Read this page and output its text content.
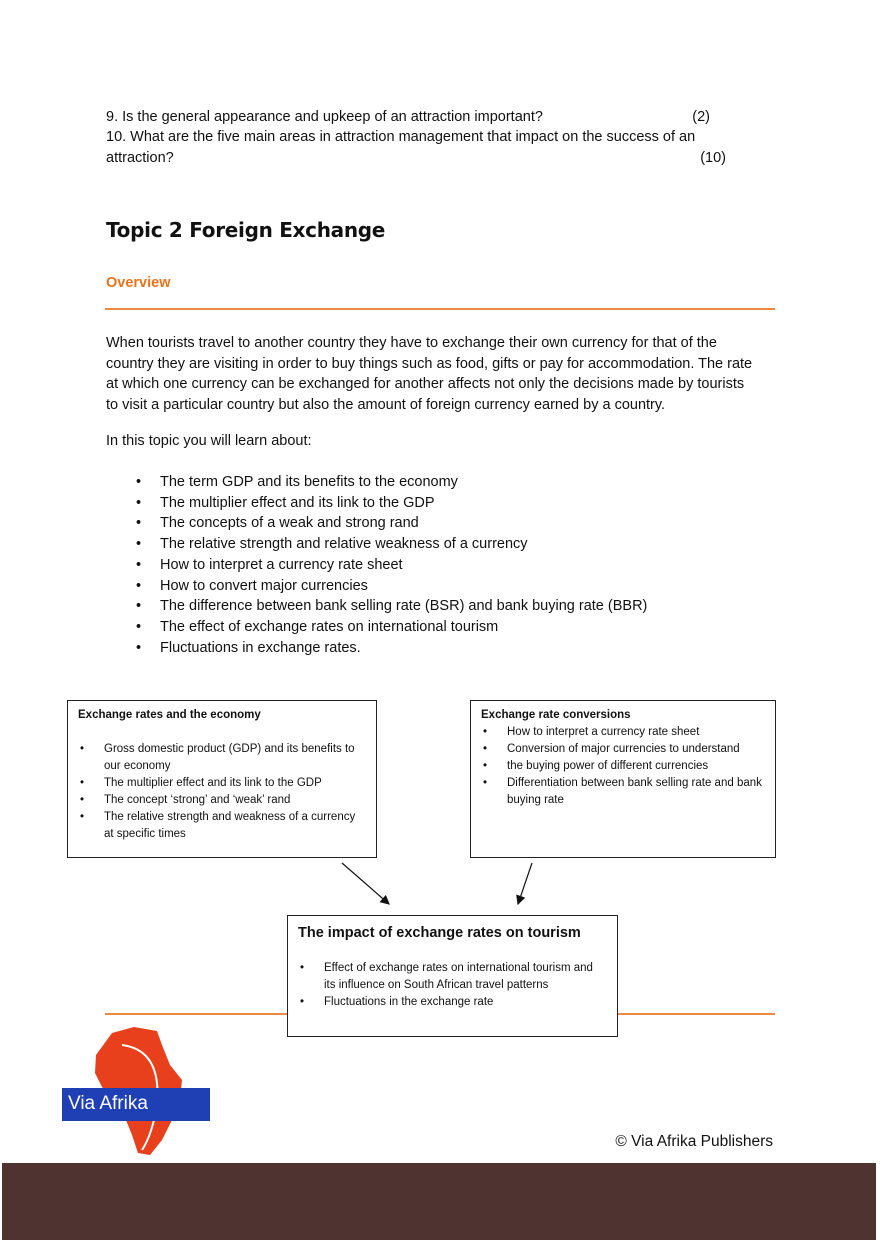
9. Is the general appearance and upkeep of an attraction important?	(2)
10. What are the five main areas in attraction management that impact on the success of an attraction?	(10)
Topic 2 Foreign Exchange
Overview

When tourists travel to another country they have to exchange their own currency for that of the country they are visiting in order to buy things such as food, gifts or pay for accommodation. The rate at which one currency can be exchanged for another affects not only the decisions made by tourists to visit a particular country but also the amount of foreign currency earned by a country.

In this topic you will learn about:

• The term GDP and its benefits to the economy
• The multiplier effect and its link to the GDP
• The concepts of a weak and strong rand
• The relative strength and relative weakness of a currency
• How to interpret a currency rate sheet
• How to convert major currencies
• The difference between bank selling rate (BSR) and bank buying rate (BBR)
• The effect of exchange rates on international tourism
• Fluctuations in exchange rates.
Exchange rates and the economy
• Gross domestic product (GDP) and its benefits to our economy
• The multiplier effect and its link to the GDP
• The concept ‘strong’ and ‘weak’ rand
• The relative strength and weakness of a currency at specific times
Exchange rate conversions
• How to interpret a currency rate sheet
• Conversion of major currencies to understand
• the buying power of different currencies
• Differentiation between bank selling rate and bank buying rate
The impact of exchange rates on tourism
• Effect of exchange rates on international tourism and its influence on South African travel patterns
• Fluctuations in the exchange rate
Via Afrika
© Via Afrika Publishers
